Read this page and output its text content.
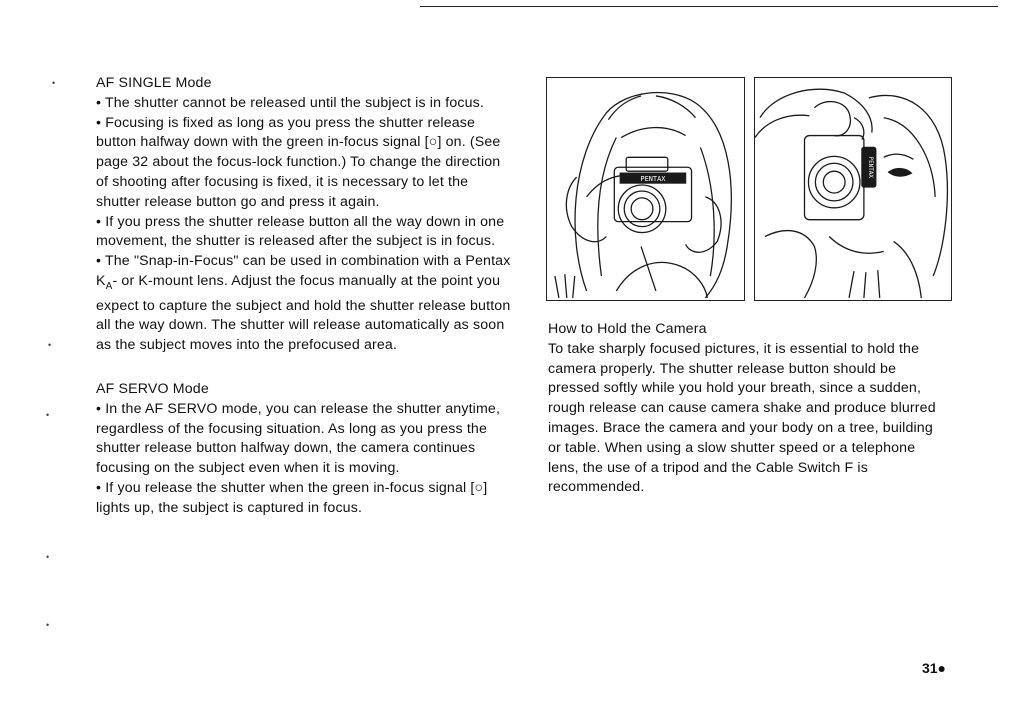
•
•
•
•
•

AF SINGLE Mode

• The shutter cannot be released until the subject is in focus.

• Focusing is fixed as long as you press the shutter release button halfway down with the green in-focus signal [○] on. (See page 32 about the focus-lock function.) To change the direction of shooting after focusing is fixed, it is necessary to let the shutter release button go and press it again.

• If you press the shutter release button all the way down in one movement, the shutter is released after the subject is in focus.

• The "Snap-in-Focus" can be used in combination with a Pentax $K_A-$ or K-mount lens. Adjust the focus manually at the point you expect to capture the subject and hold the shutter release button all the way down. The shutter will release automatically as soon as the subject moves into the prefocused area.

AF SERVO Mode

• In the AF SERVO mode, you can release the shutter anytime, regardless of the focusing situation. As long as you press the shutter release button halfway down, the camera continues focusing on the subject even when it is moving.

• If you release the shutter when the green in-focus signal [○] lights up, the subject is captured in focus.

PENTAX
PENTAX

How to Hold the Camera

To take sharply focused pictures, it is essential to hold the camera properly. The shutter release button should be pressed softly while you hold your breath, since a sudden, rough release can cause camera shake and produce blurred images. Brace the camera and your body on a tree, building or table. When using a slow shutter speed or a telephone lens, the use of a tripod and the Cable Switch F is recommended.

31●
